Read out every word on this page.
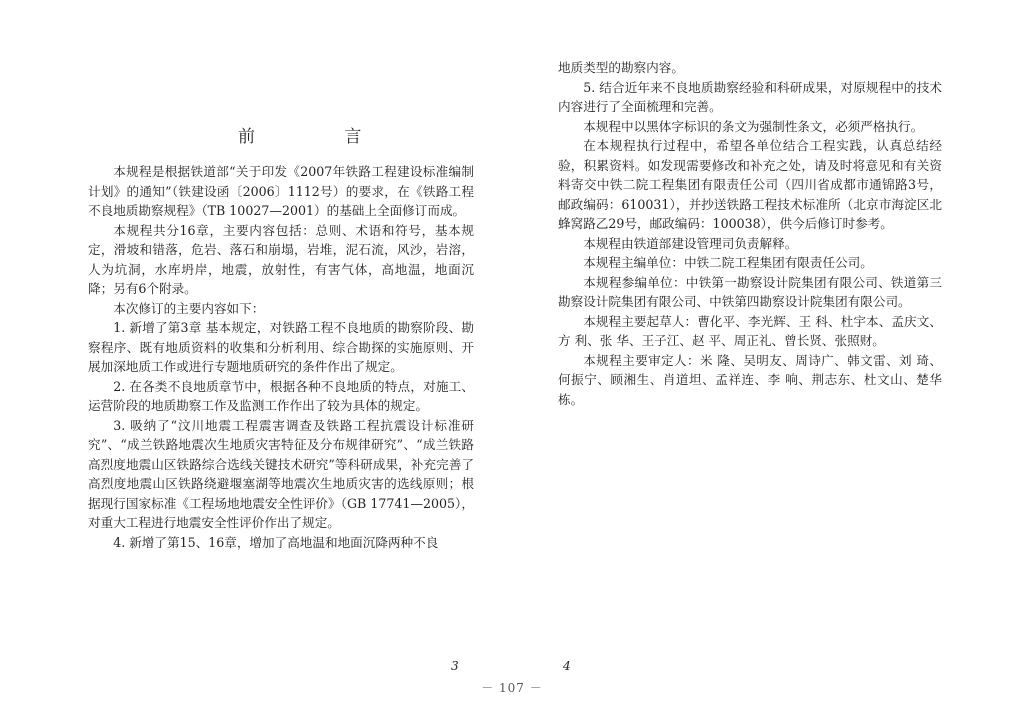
前 言

本规程是根据铁道部“关于印发《2007年铁路工程建设标准编制计划》的通知”（铁建设函〔2006〕1112号）的要求，在《铁路工程不良地质勘察规程》（TB 10027—2001）的基础上全面修订而成。

本规程共分16章，主要内容包括：总则、术语和符号，基本规定，滑坡和错落，危岩、落石和崩塌，岩堆，泥石流，风沙，岩溶，人为坑洞，水库坍岸，地震，放射性，有害气体，高地温，地面沉降；另有6个附录。

本次修订的主要内容如下：

1. 新增了第3章 基本规定，对铁路工程不良地质的勘察阶段、勘察程序、既有地质资料的收集和分析利用、综合勘探的实施原则、开展加深地质工作或进行专题地质研究的条件作出了规定。

2. 在各类不良地质章节中，根据各种不良地质的特点，对施工、运营阶段的地质勘察工作及监测工作作出了较为具体的规定。

3. 吸纳了“汶川地震工程震害调查及铁路工程抗震设计标准研究”、“成兰铁路地震次生地质灾害特征及分布规律研究”、“成兰铁路高烈度地震山区铁路综合选线关键技术研究”等科研成果，补充完善了高烈度地震山区铁路绕避堰塞湖等地震次生地质灾害的选线原则；根据现行国家标准《工程场地地震安全性评价》（GB 17741—2005），对重大工程进行地震安全性评价作出了规定。

4. 新增了第15、16章，增加了高地温和地面沉降两种不良

3

地质类型的勘察内容。

5. 结合近年来不良地质勘察经验和科研成果，对原规程中的技术内容进行了全面梳理和完善。

本规程中以黑体字标识的条文为强制性条文，必须严格执行。

在本规程执行过程中，希望各单位结合工程实践，认真总结经验，积累资料。如发现需要修改和补充之处，请及时将意见和有关资料寄交中铁二院工程集团有限责任公司（四川省成都市通锦路3号，邮政编码：610031），并抄送铁路工程技术标准所（北京市海淀区北蜂窝路乙29号，邮政编码：100038），供今后修订时参考。

本规程由铁道部建设管理司负责解释。

本规程主编单位：中铁二院工程集团有限责任公司。

本规程参编单位：中铁第一勘察设计院集团有限公司、铁道第三勘察设计院集团有限公司、中铁第四勘察设计院集团有限公司。

本规程主要起草人：曹化平、李光辉、王 科、杜宇本、孟庆文、方 利、张 华、王子江、赵 平、周正礼、曾长贤、张照财。

本规程主要审定人：米 隆、吴明友、周诗广、韩文雷、刘 琦、何振宁、顾湘生、肖道坦、孟祥连、李 响、荆志东、杜文山、楚华栋。

4
－ 107 －
